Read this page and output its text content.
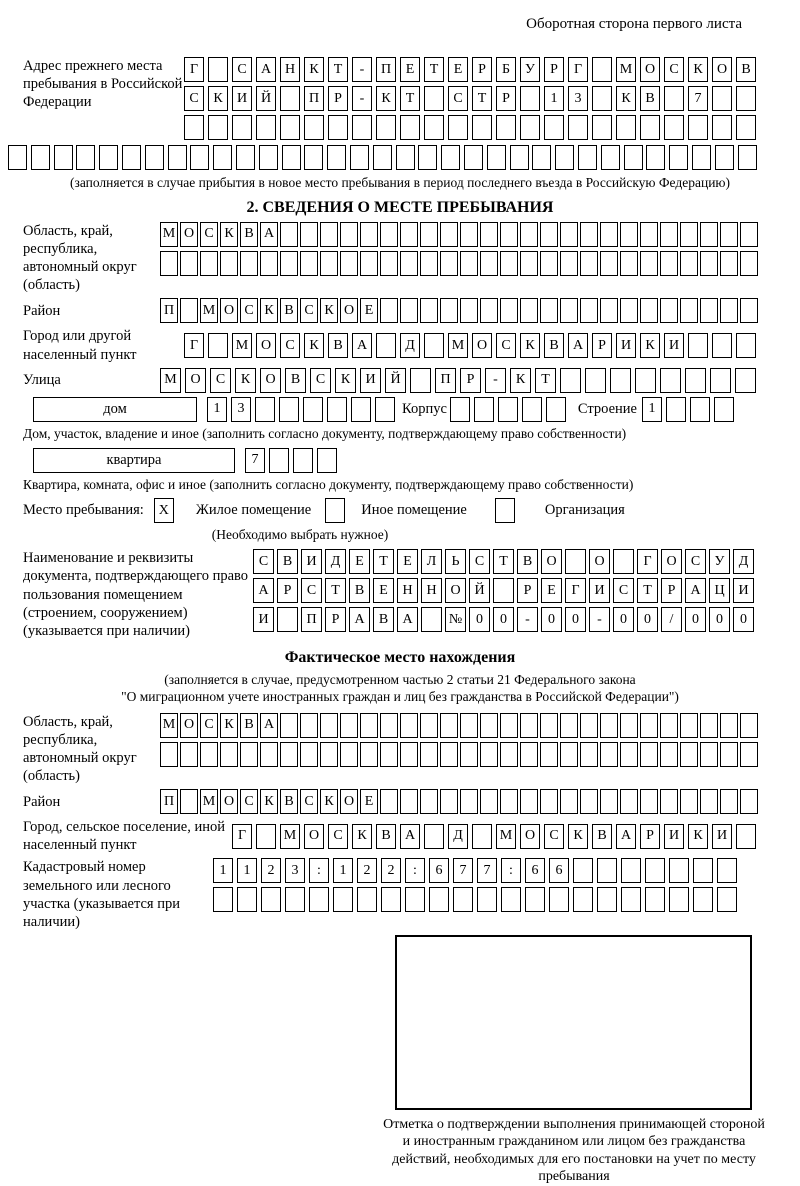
Оборотная сторона первого листа
Адрес прежнего места пребывания в Российской Федерации
Г	С	А Н	К	Т	-	П	Е	Т	Е	Р	Б	У	Р	Г	М О	С	К	О	В
С	К	И Й	П	Р	-	К	Т	С	Т	Р	1	3	К	В	7
(заполняется в случае прибытия в новое место пребывания в период последнего въезда в Российскую Федерацию)
2. СВЕДЕНИЯ О МЕСТЕ ПРЕБЫВАНИЯ
Область, край, республика, автономный округ (область)
М О С К В А
Район	П М О С К В С К О Е
Город или другой населенный пункт
Г	М О	С	К	В	А	Д	М О	С	К	В	А	Р	И	К	И
Улица	М О	С	К	О	В	С	К	И	Й	П	Р	-	К	Т
дом	1	3	Корпус	Строение 1
Дом, участок, владение и иное (заполнить согласно документу, подтверждающему право собственности)
квартира	7
Квартира, комната, офис и иное (заполнить согласно документу, подтверждающему право собственности)
Место пребывания:	X	Жилое помещение	Иное помещение	Организация
(Необходимо выбрать нужное)
Наименование и реквизиты документа, подтверждающего право пользования помещением (строением, сооружением) (указывается при наличии)
С	В	И	Д	Е	Т	Е	Л	Ь	С	Т	В	О	О	Г	О	С	У	Д
А	Р	С	Т	В	Е	Н Н О Й	Р	Е	Г	И	С	Т	Р	А Ц И
И	П	Р	А	В	А	№ 0	0	-	0	0	-	0	0	/	0	0	0
Фактическое место нахождения
(заполняется в случае, предусмотренном частью 2 статьи 21 Федерального закона
"О миграционном учете иностранных граждан и лиц без гражданства в Российской Федерации")
Область, край, республика, автономный округ (область)
М О С К В А
Район	П М О С К В С К О Е
Город, сельское поселение, иной населенный пункт
Г	М О	С	К	В	А	Д	М О	С	К	В	А	Р	И	К	И
Кадастровый номер земельного или лесного участка (указывается при наличии)
1	1	2	3	:	1	2	2	:	6	7	7	:	6	6
Отметка о подтверждении выполнения принимающей стороной и иностранным гражданином или лицом без гражданства действий, необходимых для его постановки на учет по месту пребывания
